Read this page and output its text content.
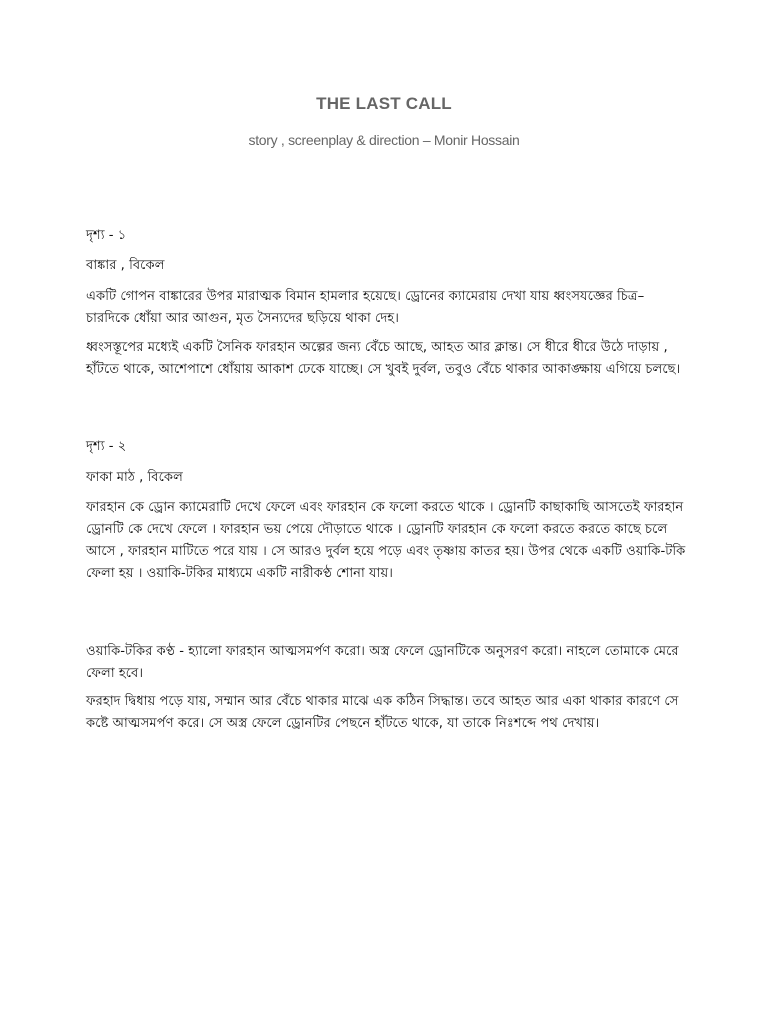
THE LAST CALL
story , screenplay & direction – Monir Hossain

দৃশ্য - ১

বাঙ্কার , বিকেল

একটি গোপন বাঙ্কারের উপর মারাত্মক বিমান হামলার হয়েছে। ড্রোনের ক্যামেরায় দেখা যায় ধ্বংসযজ্ঞের চিত্র– চারদিকে ধোঁয়া আর আগুন, মৃত সৈন্যদের ছড়িয়ে থাকা দেহ।

ধ্বংসস্তূপের মধ্যেই একটি সৈনিক ফারহান অল্পের জন্য বেঁচে আছে, আহত আর ক্লান্ত। সে ধীরে ধীরে উঠে দাড়ায় , হাঁটতে থাকে, আশেপাশে ধোঁয়ায় আকাশ ঢেকে যাচ্ছে। সে খুবই দুর্বল, তবুও বেঁচে থাকার আকাঙ্ক্ষায় এগিয়ে চলছে।

দৃশ্য - ২

ফাকা মাঠ , বিকেল

ফারহান কে ড্রোন ক্যামেরাটি দেখে ফেলে এবং ফারহান কে ফলো করতে থাকে । ড্রোনটি কাছাকাছি আসতেই ফারহান ড্রোনটি কে দেখে ফেলে । ফারহান ভয় পেয়ে দৌড়াতে থাকে । ড্রোনটি ফারহান কে ফলো করতে করতে কাছে চলে আসে , ফারহান মাটিতে পরে যায় । সে আরও দুর্বল হয়ে পড়ে এবং তৃষ্ণায় কাতর হয়। উপর থেকে একটি ওয়াকি-টকি ফেলা হয় । ওয়াকি-টকির মাধ্যমে একটি নারীকণ্ঠ শোনা যায়।

ওয়াকি-টকির কণ্ঠ - হ্যালো ফারহান আত্মসমর্পণ করো। অস্ত্র ফেলে ড্রোনটিকে অনুসরণ করো। নাহলে তোমাকে মেরে ফেলা হবে।

ফরহাদ দ্বিধায় পড়ে যায়, সম্মান আর বেঁচে থাকার মাঝে এক কঠিন সিদ্ধান্ত। তবে আহত আর একা থাকার কারণে সে কষ্টে আত্মসমর্পণ করে। সে অস্ত্র ফেলে ড্রোনটির পেছনে হাঁটতে থাকে, যা তাকে নিঃশব্দে পথ দেখায়।
